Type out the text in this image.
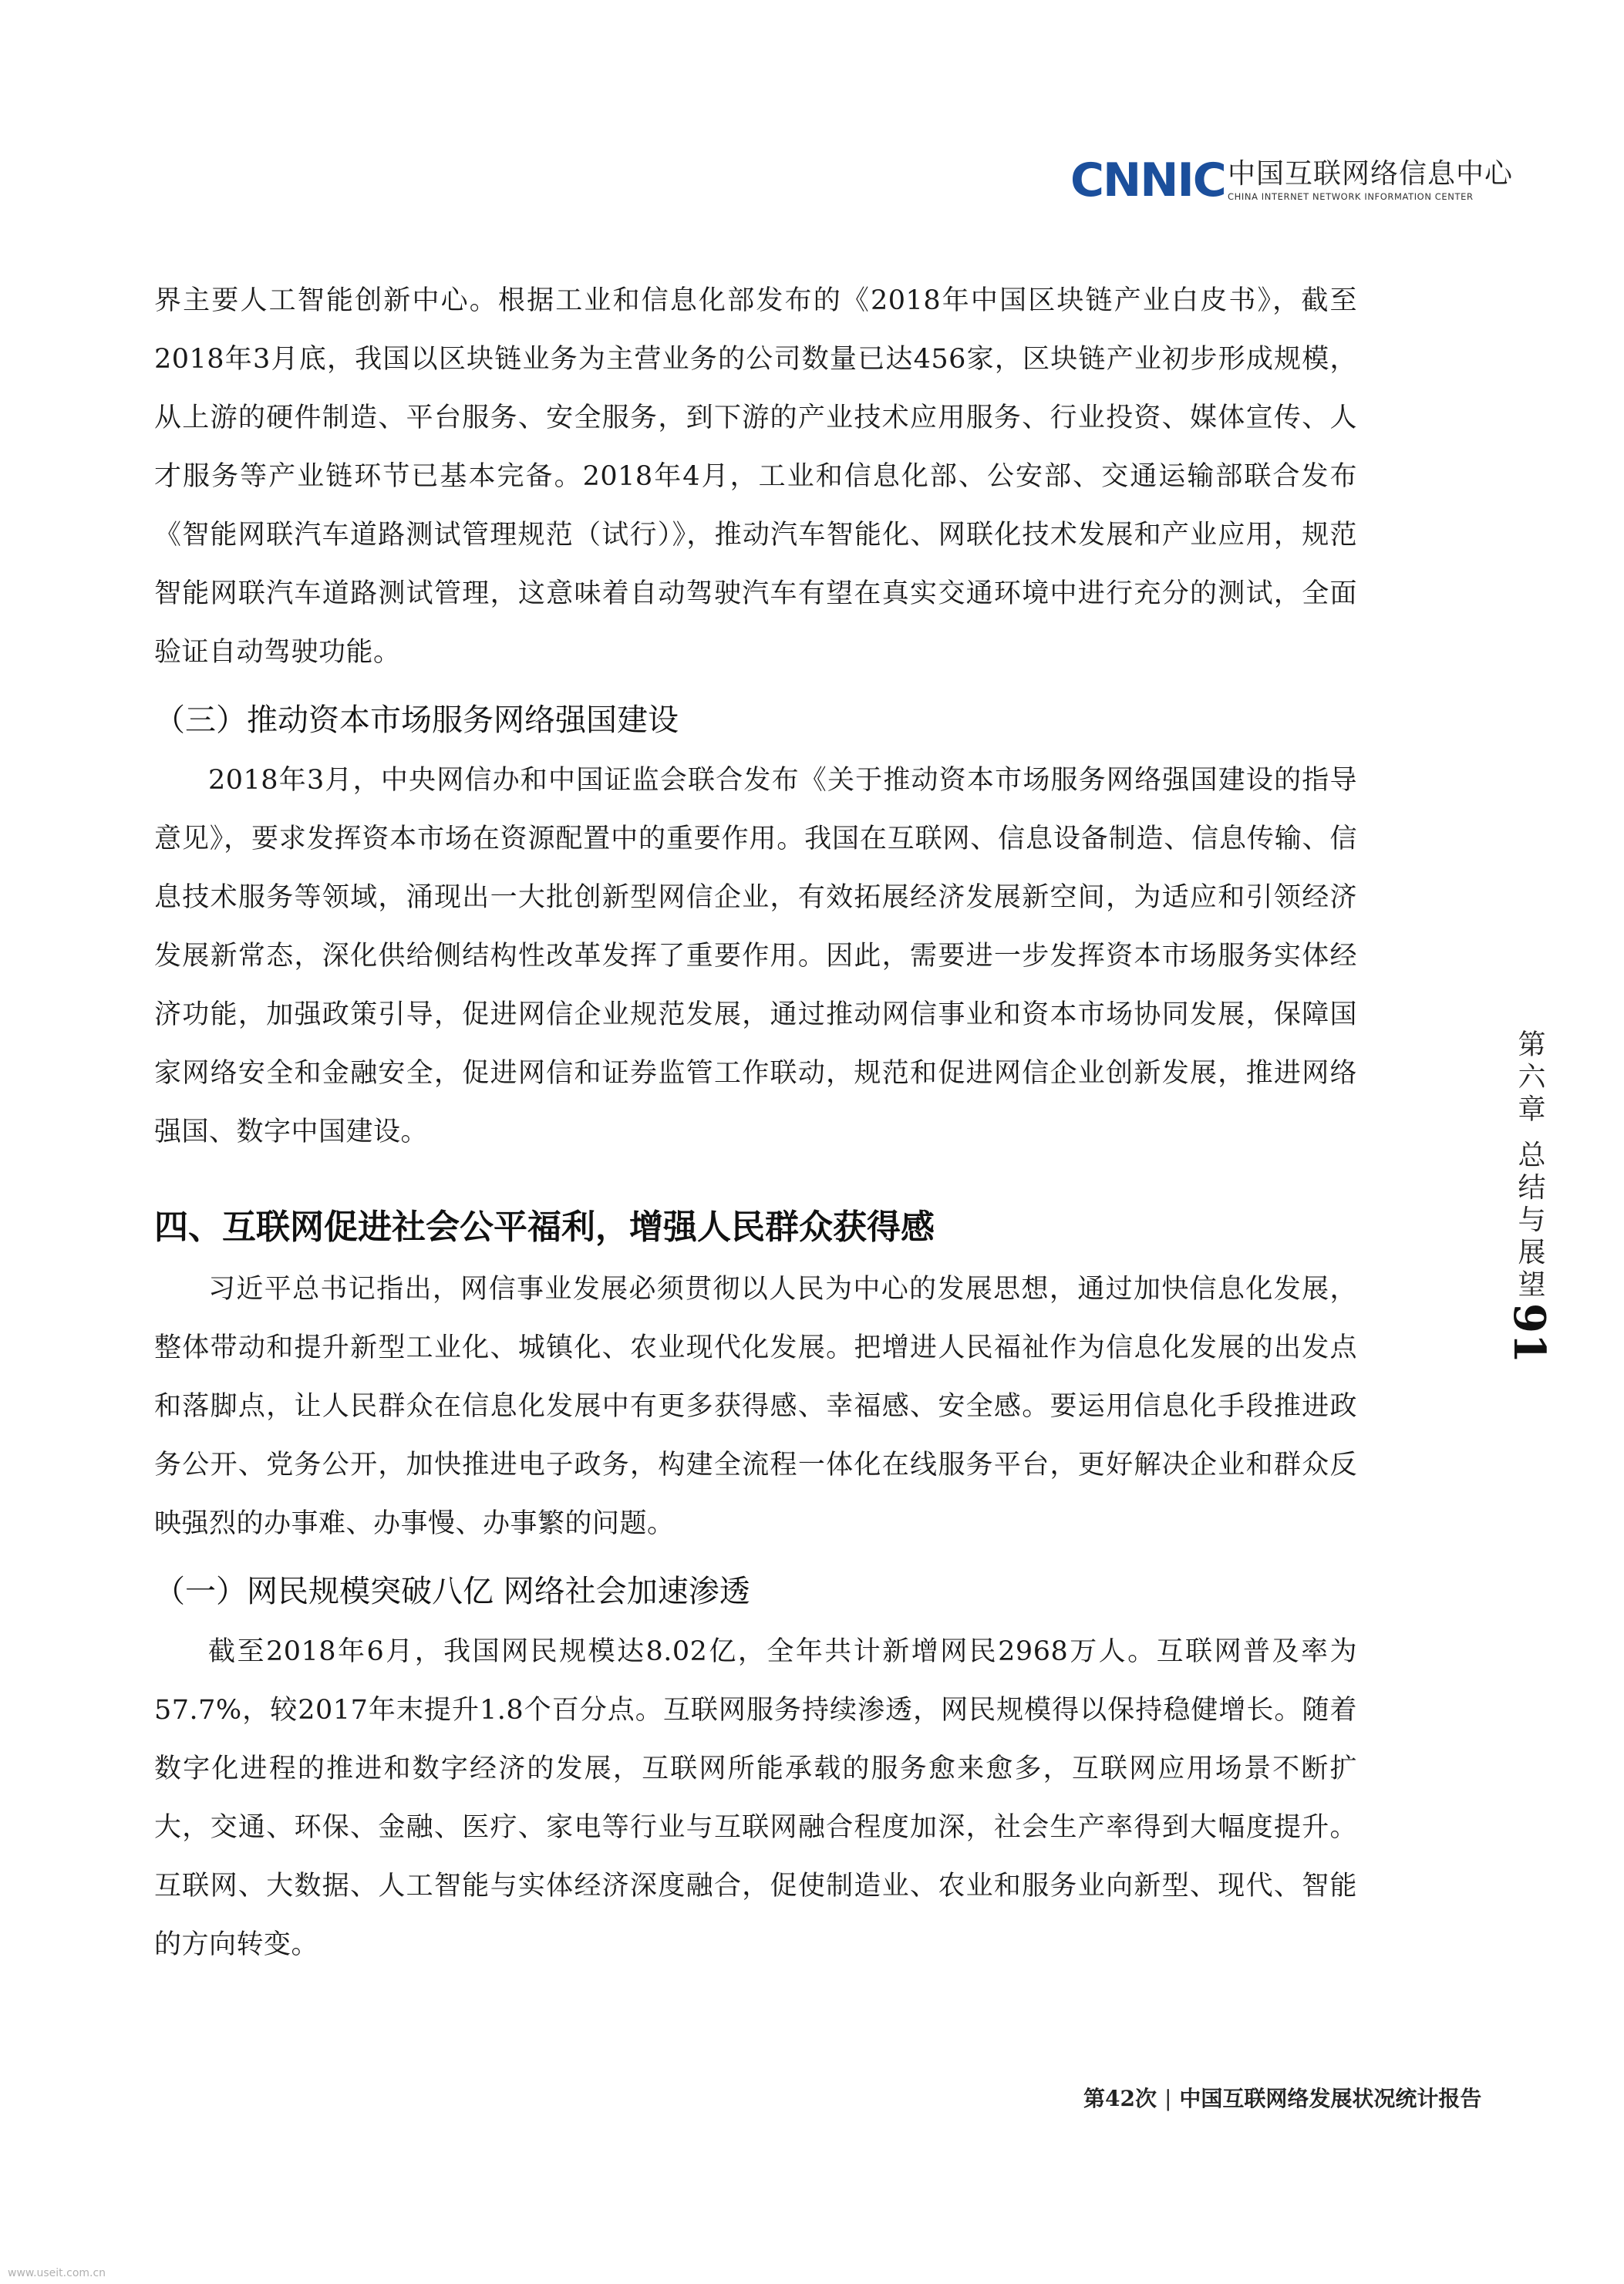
CNNIC 中国互联网络信息中心
CHINA INTERNET NETWORK INFORMATION CENTER

界主要人工智能创新中心。根据工业和信息化部发布的《2018年中国区块链产业白皮书》，截至2018年3月底，我国以区块链业务为主营业务的公司数量已达456家，区块链产业初步形成规模，从上游的硬件制造、平台服务、安全服务，到下游的产业技术应用服务、行业投资、媒体宣传、人才服务等产业链环节已基本完备。2018年4月，工业和信息化部、公安部、交通运输部联合发布《智能网联汽车道路测试管理规范（试行）》，推动汽车智能化、网联化技术发展和产业应用，规范智能网联汽车道路测试管理，这意味着自动驾驶汽车有望在真实交通环境中进行充分的测试，全面验证自动驾驶功能。

（三）推动资本市场服务网络强国建设

2018年3月，中央网信办和中国证监会联合发布《关于推动资本市场服务网络强国建设的指导意见》，要求发挥资本市场在资源配置中的重要作用。我国在互联网、信息设备制造、信息传输、信息技术服务等领域，涌现出一大批创新型网信企业，有效拓展经济发展新空间，为适应和引领经济发展新常态，深化供给侧结构性改革发挥了重要作用。因此，需要进一步发挥资本市场服务实体经济功能，加强政策引导，促进网信企业规范发展，通过推动网信事业和资本市场协同发展，保障国家网络安全和金融安全，促进网信和证券监管工作联动，规范和促进网信企业创新发展，推进网络强国、数字中国建设。

四、互联网促进社会公平福利，增强人民群众获得感

习近平总书记指出，网信事业发展必须贯彻以人民为中心的发展思想，通过加快信息化发展，整体带动和提升新型工业化、城镇化、农业现代化发展。把增进人民福祉作为信息化发展的出发点和落脚点，让人民群众在信息化发展中有更多获得感、幸福感、安全感。要运用信息化手段推进政务公开、党务公开，加快推进电子政务，构建全流程一体化在线服务平台，更好解决企业和群众反映强烈的办事难、办事慢、办事繁的问题。

（一）网民规模突破八亿 网络社会加速渗透

截至2018年6月，我国网民规模达8.02亿，全年共计新增网民2968万人。互联网普及率为57.7%，较2017年末提升1.8个百分点。互联网服务持续渗透，网民规模得以保持稳健增长。随着数字化进程的推进和数字经济的发展，互联网所能承载的服务愈来愈多，互联网应用场景不断扩大，交通、环保、金融、医疗、家电等行业与互联网融合程度加深，社会生产率得到大幅度提升。互联网、大数据、人工智能与实体经济深度融合，促使制造业、农业和服务业向新型、现代、智能的方向转变。

第六章 总结与展望
91
第42次 | 中国互联网络发展状况统计报告
www.useit.com.cn
